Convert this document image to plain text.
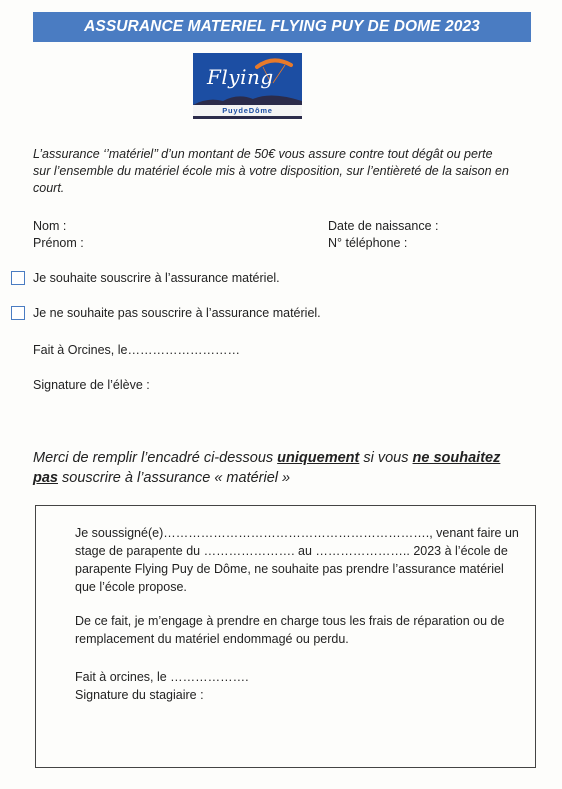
ASSURANCE MATERIEL FLYING PUY DE DOME 2023
Flying
PuydeDôme
L’assurance ‘’matériel’’ d’un montant de 50€ vous assure contre tout dégât ou perte sur l’ensemble du matériel école mis à votre disposition, sur l’entièreté de la saison en court.
Nom :
Prénom :
Date de naissance :
N° téléphone :
Je souhaite souscrire à l’assurance matériel.
Je ne souhaite pas souscrire à l’assurance matériel.
Fait à Orcines, le………………………
Signature de l’élève :
Merci de remplir l’encadré ci-dessous uniquement si vous ne souhaitez pas souscrire à l’assurance « matériel »

Je soussigné(e)………………………………………………………., venant faire un stage de parapente du …………………. au ………………….. 2023 à l’école de parapente Flying Puy de Dôme, ne souhaite pas prendre l’assurance matériel que l’école propose.

De ce fait, je m’engage à prendre en charge tous les frais de réparation ou de remplacement du matériel endommagé ou perdu.

Fait à orcines, le ……………….

Signature du stagiaire :
